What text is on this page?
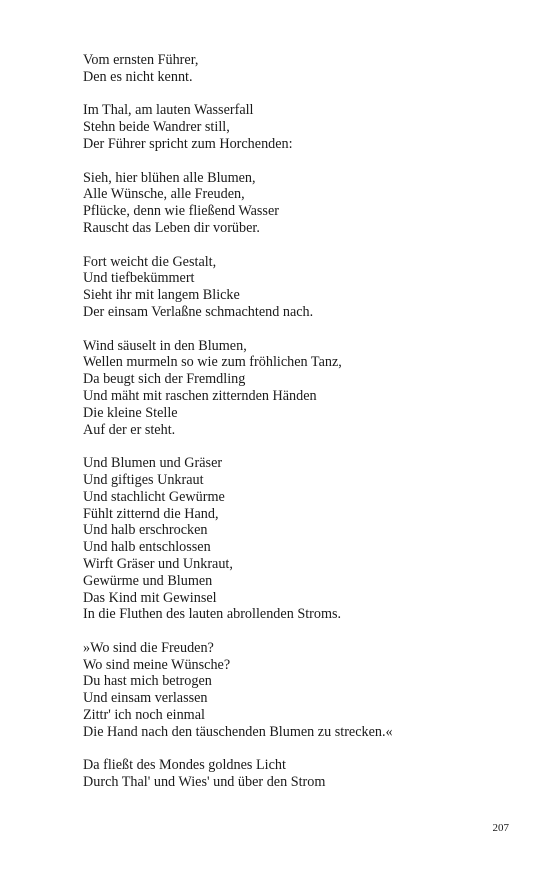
Vom ernsten Führer,
Den es nicht kennt.
Im Thal, am lauten Wasserfall
Stehn beide Wandrer still,
Der Führer spricht zum Horchenden:
Sieh, hier blühen alle Blumen,
Alle Wünsche, alle Freuden,
Pflücke, denn wie fließend Wasser
Rauscht das Leben dir vorüber.
Fort weicht die Gestalt,
Und tiefbekümmert
Sieht ihr mit langem Blicke
Der einsam Verlaßne schmachtend nach.
Wind säuselt in den Blumen,
Wellen murmeln so wie zum fröhlichen Tanz,
Da beugt sich der Fremdling
Und mäht mit raschen zitternden Händen
Die kleine Stelle
Auf der er steht.
Und Blumen und Gräser
Und giftiges Unkraut
Und stachlicht Gewürme
Fühlt zitternd die Hand,
Und halb erschrocken
Und halb entschlossen
Wirft Gräser und Unkraut,
Gewürme und Blumen
Das Kind mit Gewinsel
In die Fluthen des lauten abrollenden Stroms.
»Wo sind die Freuden?
Wo sind meine Wünsche?
Du hast mich betrogen
Und einsam verlassen
Zittr' ich noch einmal
Die Hand nach den täuschenden Blumen zu strecken.«
Da fließt des Mondes goldnes Licht
Durch Thal' und Wies' und über den Strom
207
